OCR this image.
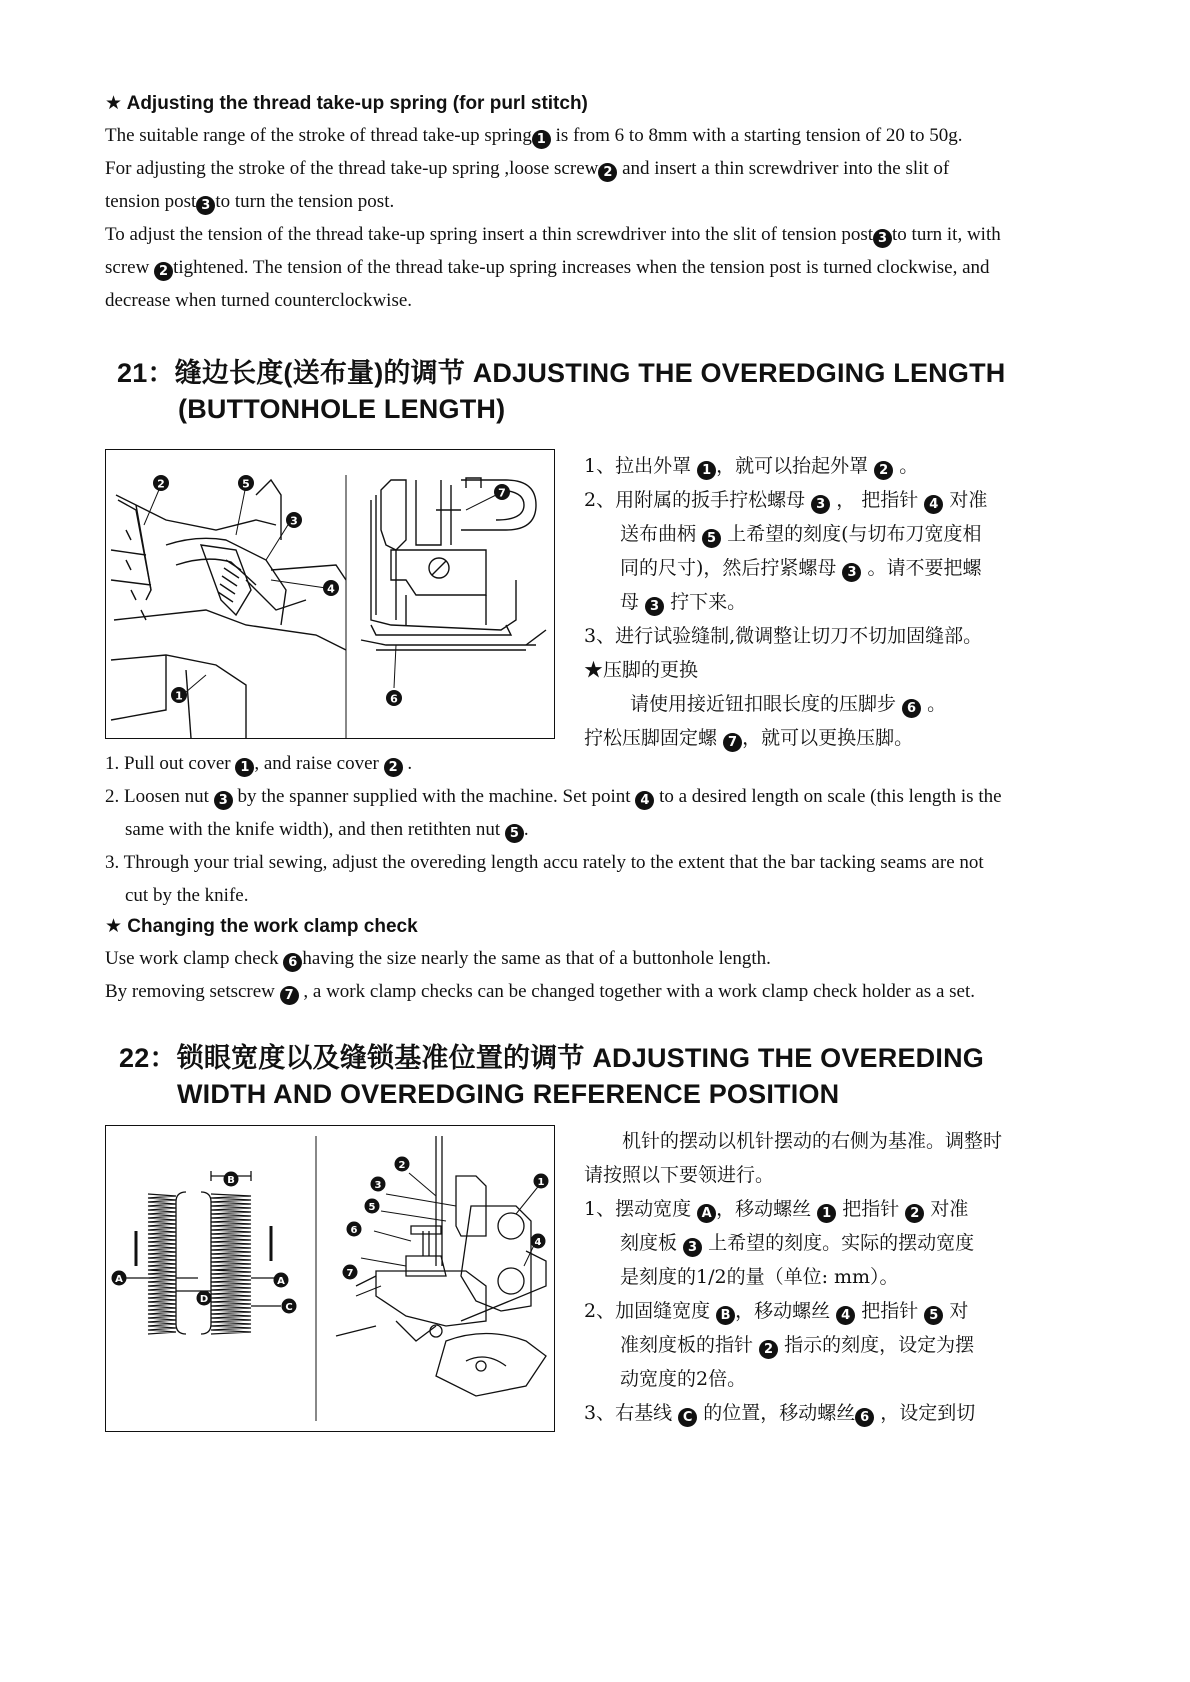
★ Adjusting the thread take-up spring (for purl stitch)

The suitable range of the stroke of thread take-up spring 1 is from 6 to 8mm with a starting tension of 20 to 50g.

For adjusting the stroke of the thread take-up spring ,loose screw 2 and insert a thin screwdriver into the slit of tension post 3 to turn the tension post.

To adjust the tension of the thread take-up spring insert a thin screwdriver into the slit of tension post 3 to turn it, with screw 2 tightened. The tension of the thread take-up spring increases when the tension post is turned clockwise, and decrease when turned counterclockwise.

21：缝边长度(送布量)的调节 ADJUSTING THE OVEREDGING LENGTH
(BUTTONHOLE LENGTH)
2	5
3
4
1
7
6

1、拉出外罩 1 ，就可以抬起外罩 2 。

2、用附属的扳手拧松螺母 3 ， 把指针 4 对准

送布曲柄 5 上希望的刻度(与切布刀宽度相

同的尺寸)，然后拧紧螺母 3 。请不要把螺

母 3 拧下来。

3、进行试验缝制,微调整让切刀不切加固缝部。

★压脚的更换

请使用接近钮扣眼长度的压脚步 6 。

拧松压脚固定螺 7 ，就可以更换压脚。

1. Pull out cover 1 , and raise cover 2 .

2. Loosen nut 3 by the spanner supplied with the machine. Set point 4 to a desired length on scale (this length is the same with the knife width), and then retithten nut 5 .

3. Through your trial sewing, adjust the overeding length accu rately to the extent that the bar tacking seams are not cut by the knife.

★ Changing the work clamp check

Use work clamp check 6 having the size nearly the same as that of a buttonhole length.

By removing setscrew 7 , a work clamp checks can be changed together with a work clamp check holder as a set.

22：锁眼宽度以及缝锁基准位置的调节 ADJUSTING THE OVEREDING
WIDTH AND OVEREDGING REFERENCE POSITION
A
B
D
A
C
2
3
5
6
7
1
4

机针的摆动以机针摆动的右侧为基准。调整时请按照以下要领进行。

1、摆动宽度 A ，移动螺丝 1 把指针 2 对准

刻度板 3 上希望的刻度。实际的摆动宽度

是刻度的1/2的量（单位: mm）。

2、加固缝宽度 B ，移动螺丝 4 把指针 5 对

准刻度板的指针 2 指示的刻度，设定为摆

动宽度的2倍。

3、右基线 C 的位置，移动螺丝 6 ，设定到切
